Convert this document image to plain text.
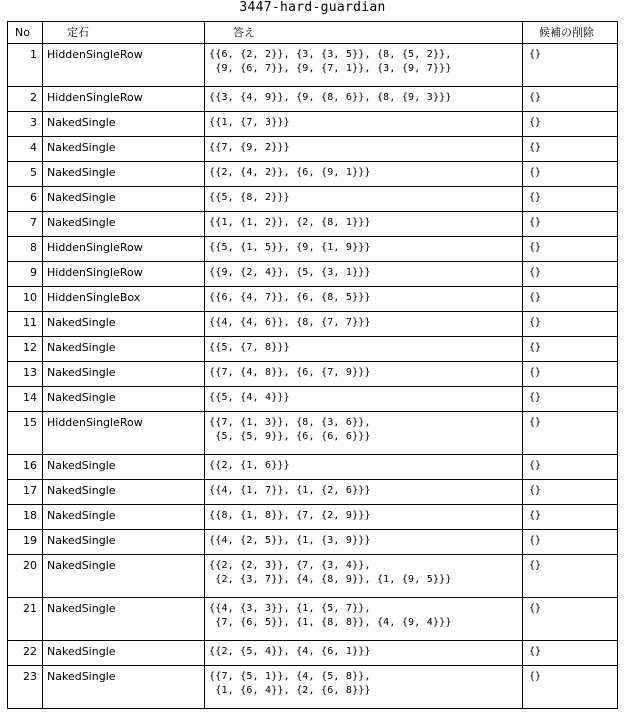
3447-hard-guardian
No	定石	答え	候補の削除
1	HiddenSingleRow	{{6, {2, 2}}, {3, {3, 5}}, {8, {5, 2}},
{9, {6, 7}}, {9, {7, 1}}, {3, {9, 7}}}	{}
2	HiddenSingleRow	{{3, {4, 9}}, {9, {8, 6}}, {8, {9, 3}}}	{}
3	NakedSingle	{{1, {7, 3}}}	{}
4	NakedSingle	{{7, {9, 2}}}	{}
5	NakedSingle	{{2, {4, 2}}, {6, {9, 1}}}	{}
6	NakedSingle	{{5, {8, 2}}}	{}
7	NakedSingle	{{1, {1, 2}}, {2, {8, 1}}}	{}
8	HiddenSingleRow	{{5, {1, 5}}, {9, {1, 9}}}	{}
9	HiddenSingleRow	{{9, {2, 4}}, {5, {3, 1}}}	{}
10	HiddenSingleBox	{{6, {4, 7}}, {6, {8, 5}}}	{}
11	NakedSingle	{{4, {4, 6}}, {8, {7, 7}}}	{}
12	NakedSingle	{{5, {7, 8}}}	{}
13	NakedSingle	{{7, {4, 8}}, {6, {7, 9}}}	{}
14	NakedSingle	{{5, {4, 4}}}	{}
15	HiddenSingleRow	{{7, {1, 3}}, {8, {3, 6}},
{5, {5, 9}}, {6, {6, 6}}}	{}
16	NakedSingle	{{2, {1, 6}}}	{}
17	NakedSingle	{{4, {1, 7}}, {1, {2, 6}}}	{}
18	NakedSingle	{{8, {1, 8}}, {7, {2, 9}}}	{}
19	NakedSingle	{{4, {2, 5}}, {1, {3, 9}}}	{}
20	NakedSingle	{{2, {2, 3}}, {7, {3, 4}},
{2, {3, 7}}, {4, {8, 9}}, {1, {9, 5}}}	{}
21	NakedSingle	{{4, {3, 3}}, {1, {5, 7}},
{7, {6, 5}}, {1, {8, 8}}, {4, {9, 4}}}	{}
22	NakedSingle	{{2, {5, 4}}, {4, {6, 1}}}	{}
23	NakedSingle	{{7, {5, 1}}, {4, {5, 8}},
{1, {6, 4}}, {2, {6, 8}}}	{}
